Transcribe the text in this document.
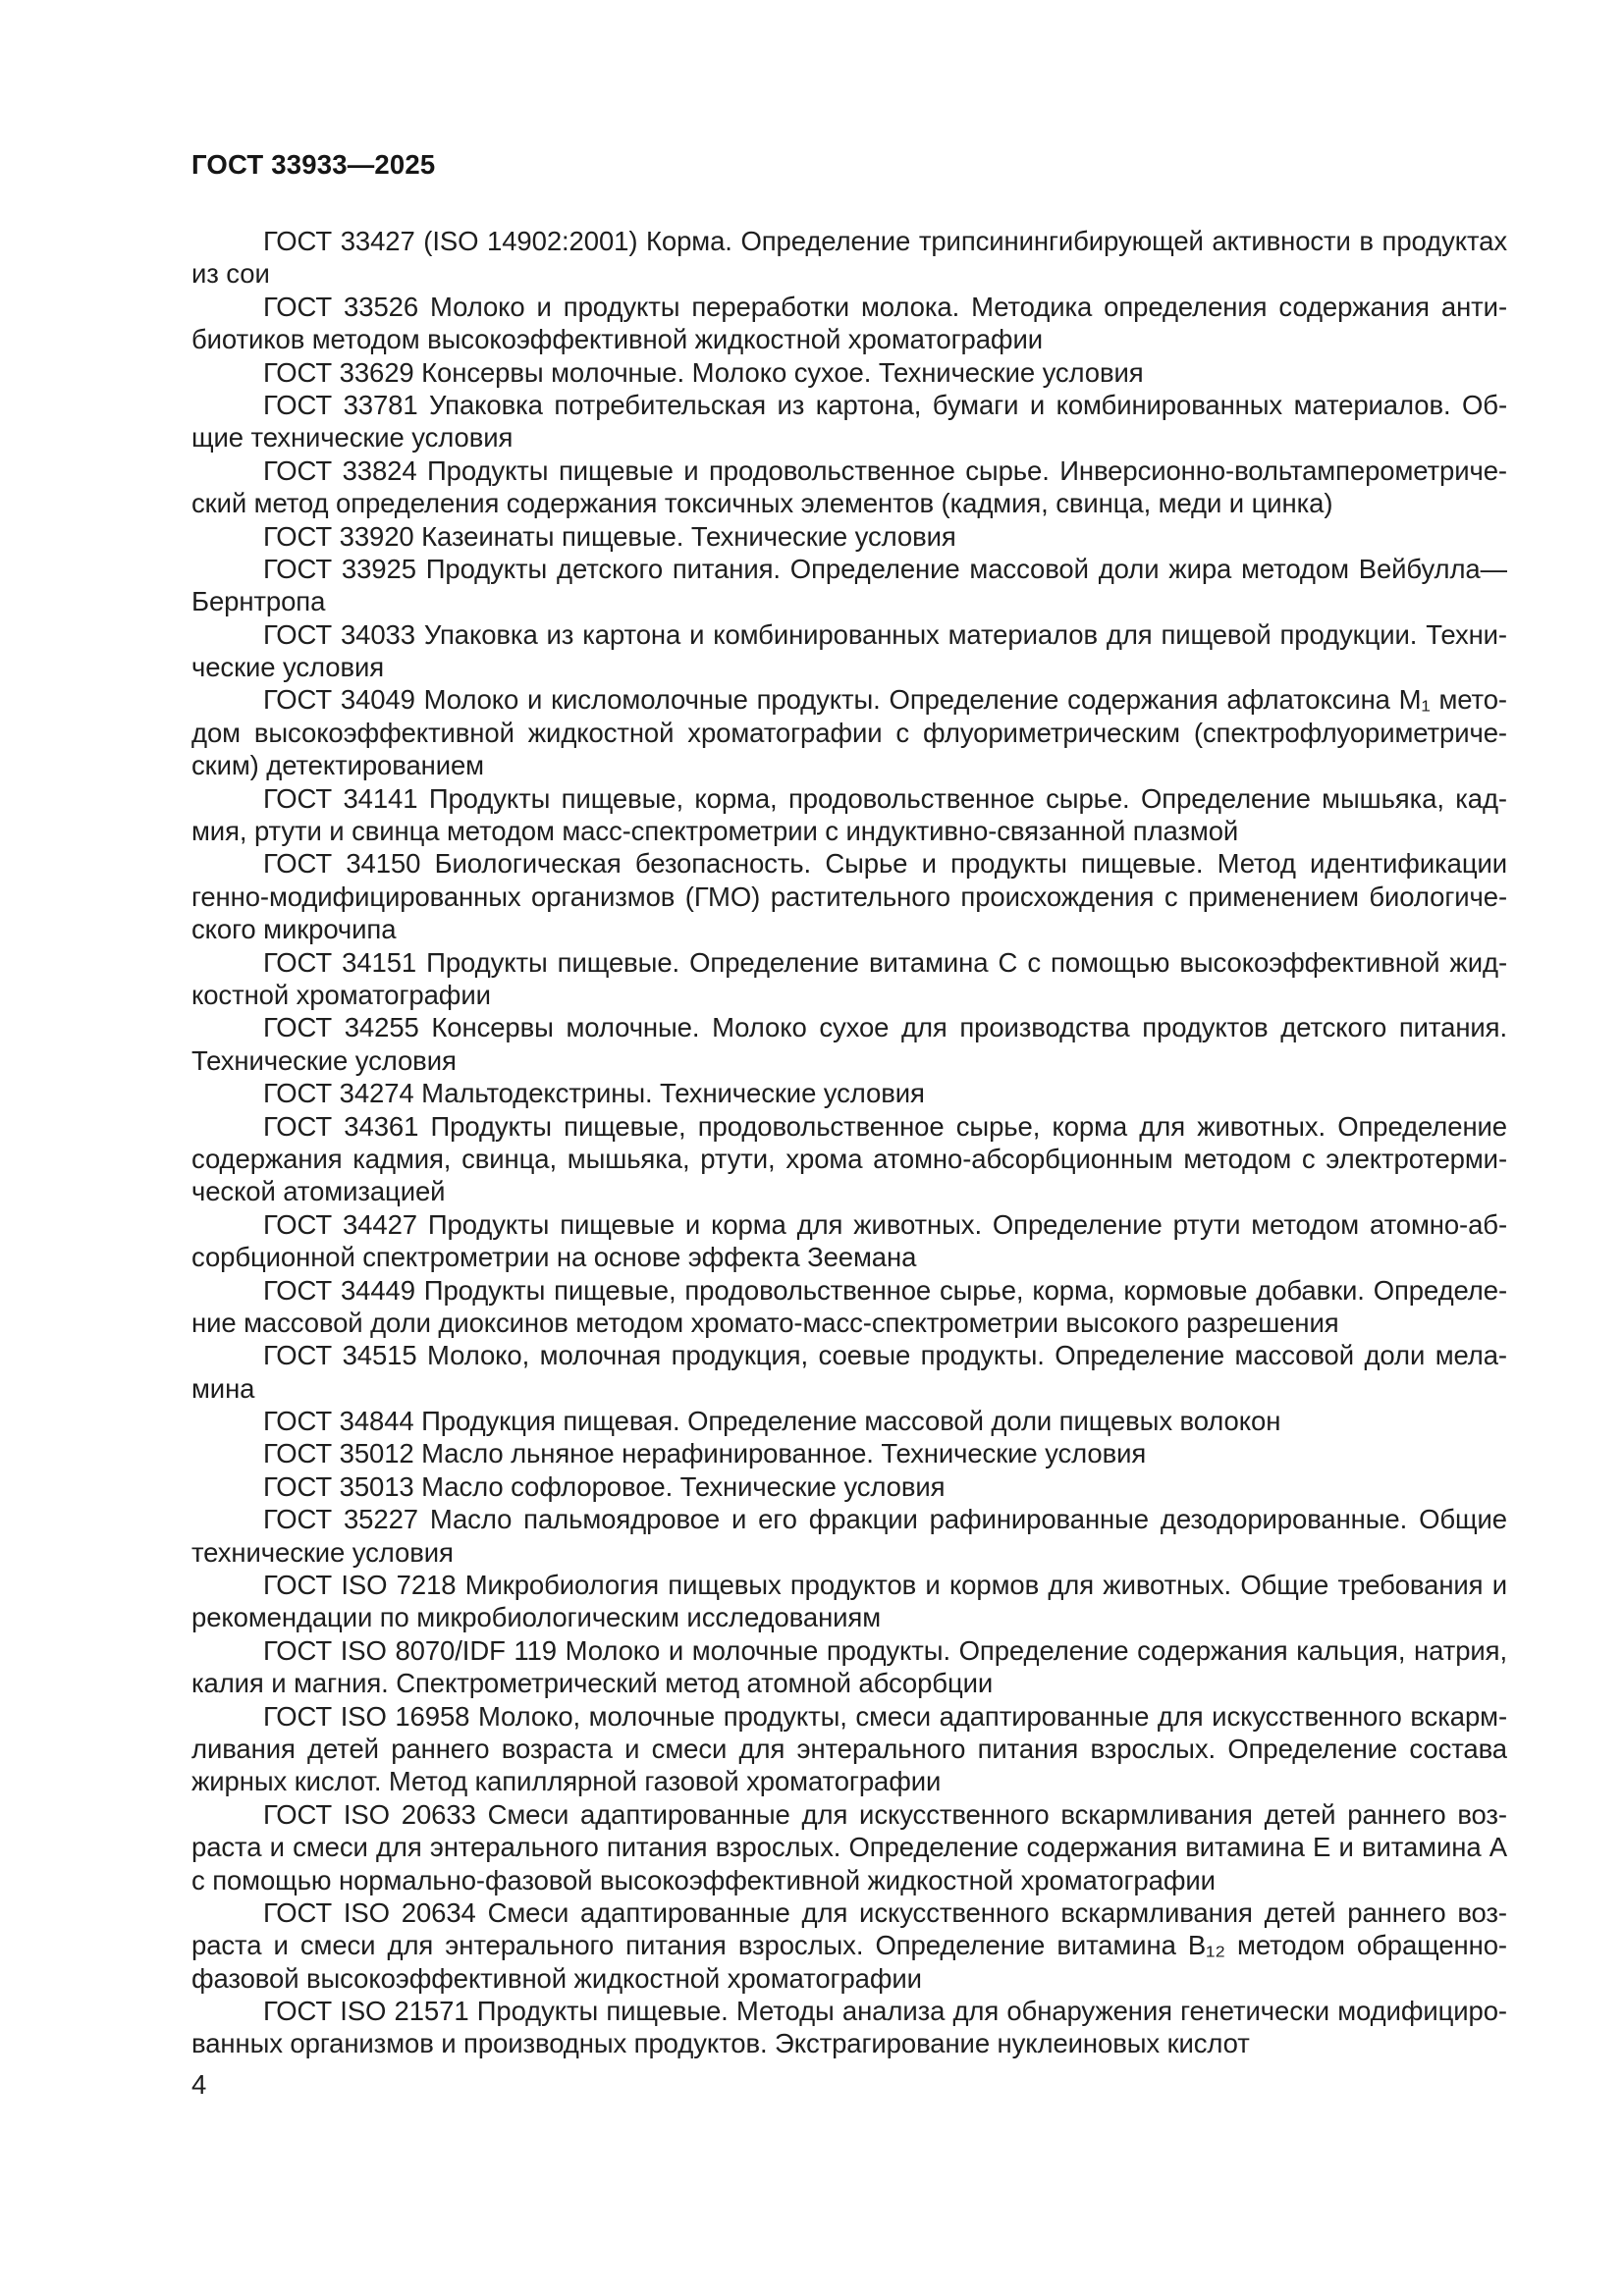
ГОСТ 33933—2025
ГОСТ 33427 (ISO 14902:2001) Корма. Определение трипсинингибирующей активности в продуктах
из сои
ГОСТ 33526 Молоко и продукты переработки молока. Методика определения содержания анти-
биотиков методом высокоэффективной жидкостной хроматографии
ГОСТ 33629 Консервы молочные. Молоко сухое. Технические условия
ГОСТ 33781 Упаковка потребительская из картона, бумаги и комбинированных материалов. Об-
щие технические условия
ГОСТ 33824 Продукты пищевые и продовольственное сырье. Инверсионно-вольтамперометриче-
ский метод определения содержания токсичных элементов (кадмия, свинца, меди и цинка)
ГОСТ 33920 Казеинаты пищевые. Технические условия
ГОСТ 33925 Продукты детского питания. Определение массовой доли жира методом Вейбулла—
Бернтропа
ГОСТ 34033 Упаковка из картона и комбинированных материалов для пищевой продукции. Техни-
ческие условия
ГОСТ 34049 Молоко и кисломолочные продукты. Определение содержания афлатоксина M₁ мето-
дом высокоэффективной жидкостной хроматографии с флуориметрическим (спектрофлуориметриче-
ским) детектированием
ГОСТ 34141 Продукты пищевые, корма, продовольственное сырье. Определение мышьяка, кад-
мия, ртути и свинца методом масс-спектрометрии с индуктивно-связанной плазмой
ГОСТ 34150 Биологическая безопасность. Сырье и продукты пищевые. Метод идентификации
генно-модифицированных организмов (ГМО) растительного происхождения с применением биологиче-
ского микрочипа
ГОСТ 34151 Продукты пищевые. Определение витамина C с помощью высокоэффективной жид-
костной хроматографии
ГОСТ 34255 Консервы молочные. Молоко сухое для производства продуктов детского питания.
Технические условия
ГОСТ 34274 Мальтодекстрины. Технические условия
ГОСТ 34361 Продукты пищевые, продовольственное сырье, корма для животных. Определение
содержания кадмия, свинца, мышьяка, ртути, хрома атомно-абсорбционным методом с электротерми-
ческой атомизацией
ГОСТ 34427 Продукты пищевые и корма для животных. Определение ртути методом атомно-аб-
сорбционной спектрометрии на основе эффекта Зеемана
ГОСТ 34449 Продукты пищевые, продовольственное сырье, корма, кормовые добавки. Определе-
ние массовой доли диоксинов методом хромато-масс-спектрометрии высокого разрешения
ГОСТ 34515 Молоко, молочная продукция, соевые продукты. Определение массовой доли мела-
мина
ГОСТ 34844 Продукция пищевая. Определение массовой доли пищевых волокон
ГОСТ 35012 Масло льняное нерафинированное. Технические условия
ГОСТ 35013 Масло софлоровое. Технические условия
ГОСТ 35227 Масло пальмоядровое и его фракции рафинированные дезодорированные. Общие
технические условия
ГОСТ ISO 7218 Микробиология пищевых продуктов и кормов для животных. Общие требования и
рекомендации по микробиологическим исследованиям
ГОСТ ISO 8070/IDF 119 Молоко и молочные продукты. Определение содержания кальция, натрия,
калия и магния. Спектрометрический метод атомной абсорбции
ГОСТ ISO 16958 Молоко, молочные продукты, смеси адаптированные для искусственного вскарм-
ливания детей раннего возраста и смеси для энтерального питания взрослых. Определение состава
жирных кислот. Метод капиллярной газовой хроматографии
ГОСТ ISO 20633 Смеси адаптированные для искусственного вскармливания детей раннего воз-
раста и смеси для энтерального питания взрослых. Определение содержания витамина E и витамина A
с помощью нормально-фазовой высокоэффективной жидкостной хроматографии
ГОСТ ISO 20634 Смеси адаптированные для искусственного вскармливания детей раннего воз-
раста и смеси для энтерального питания взрослых. Определение витамина B₁₂ методом обращенно-
фазовой высокоэффективной жидкостной хроматографии
ГОСТ ISO 21571 Продукты пищевые. Методы анализа для обнаружения генетически модифициро-
ванных организмов и производных продуктов. Экстрагирование нуклеиновых кислот
4
